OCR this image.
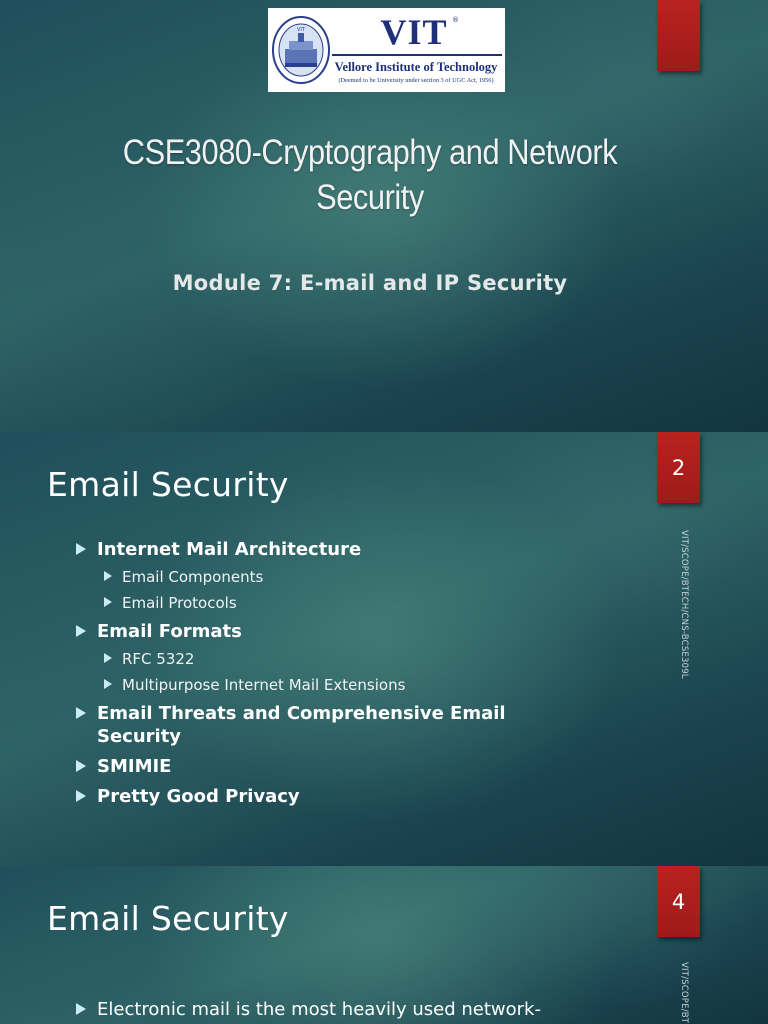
VIT	VIT ®
Vellore Institute of Technology
(Deemed to be University under section 3 of UGC Act, 1956)
CSE3080-Cryptography and Network Security
Module 7: E-mail and IP Security
2
Email Security
VIT/SCOPE/BTECH/CNS-BCSE309L
Internet Mail Architecture
Email Components
Email Protocols
Email Formats
RFC 5322
Multipurpose Internet Mail Extensions
Email Threats and Comprehensive Email Security
SMIMIE
Pretty Good Privacy
4
Email Security
VIT/SCOPE/BT
Electronic mail is the most heavily used network-
